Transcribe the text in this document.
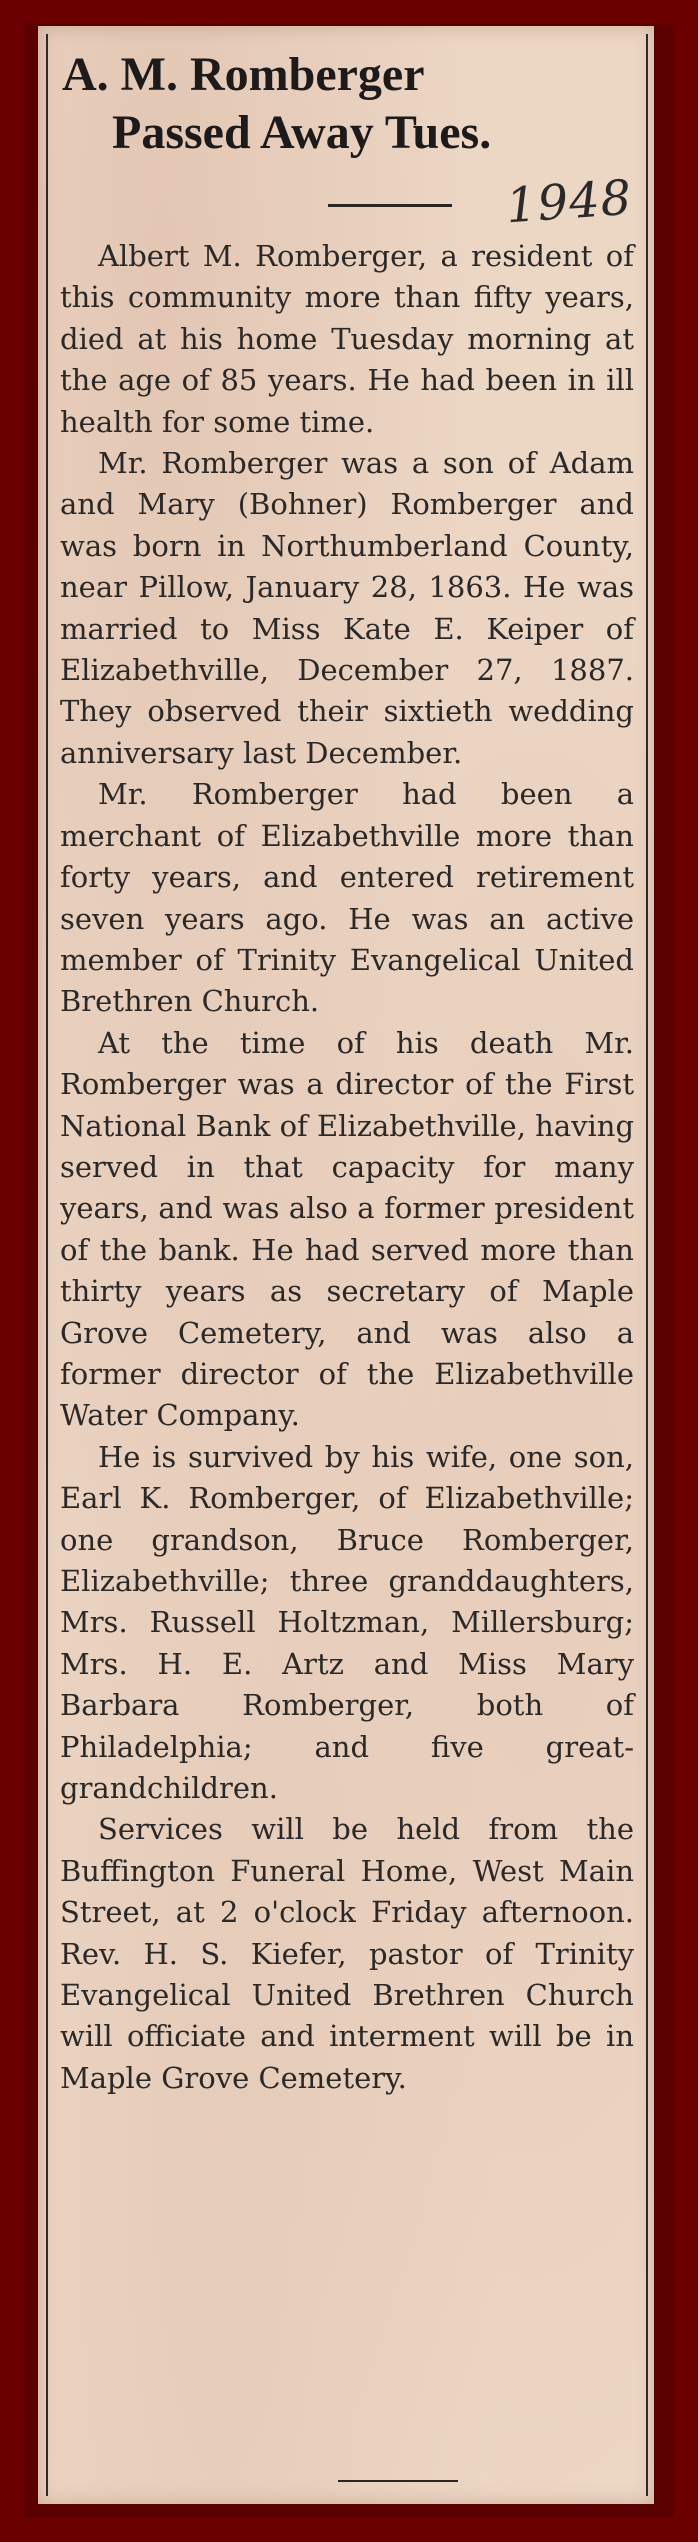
A. M. Romberger
Passed Away Tues.
1948

Albert M. Romberger, a resident of this community more than fifty years, died at his home Tuesday morning at the age of 85 years. He had been in ill health for some time.

Mr. Romberger was a son of Adam and Mary (Bohner) Romberger and was born in Northumberland County, near Pillow, January 28, 1863. He was married to Miss Kate E. Keiper of Elizabethville, December 27, 1887. They observed their sixtieth wedding anniversary last December.

Mr. Romberger had been a merchant of Elizabethville more than forty years, and entered retirement seven years ago. He was an active member of Trinity Evangelical United Brethren Church.

At the time of his death Mr. Romberger was a director of the First National Bank of Elizabethville, having served in that capacity for many years, and was also a former president of the bank. He had served more than thirty years as secretary of Maple Grove Cemetery, and was also a former director of the Elizabethville Water Company.

He is survived by his wife, one son, Earl K. Romberger, of Elizabethville; one grandson, Bruce Romberger, Elizabethville; three granddaughters, Mrs. Russell Holtzman, Millersburg; Mrs. H. E. Artz and Miss Mary Barbara Romberger, both of Philadelphia; and five great-grandchildren.

Services will be held from the Buffington Funeral Home, West Main Street, at 2 o'clock Friday afternoon. Rev. H. S. Kiefer, pastor of Trinity Evangelical United Brethren Church will officiate and interment will be in Maple Grove Cemetery.
